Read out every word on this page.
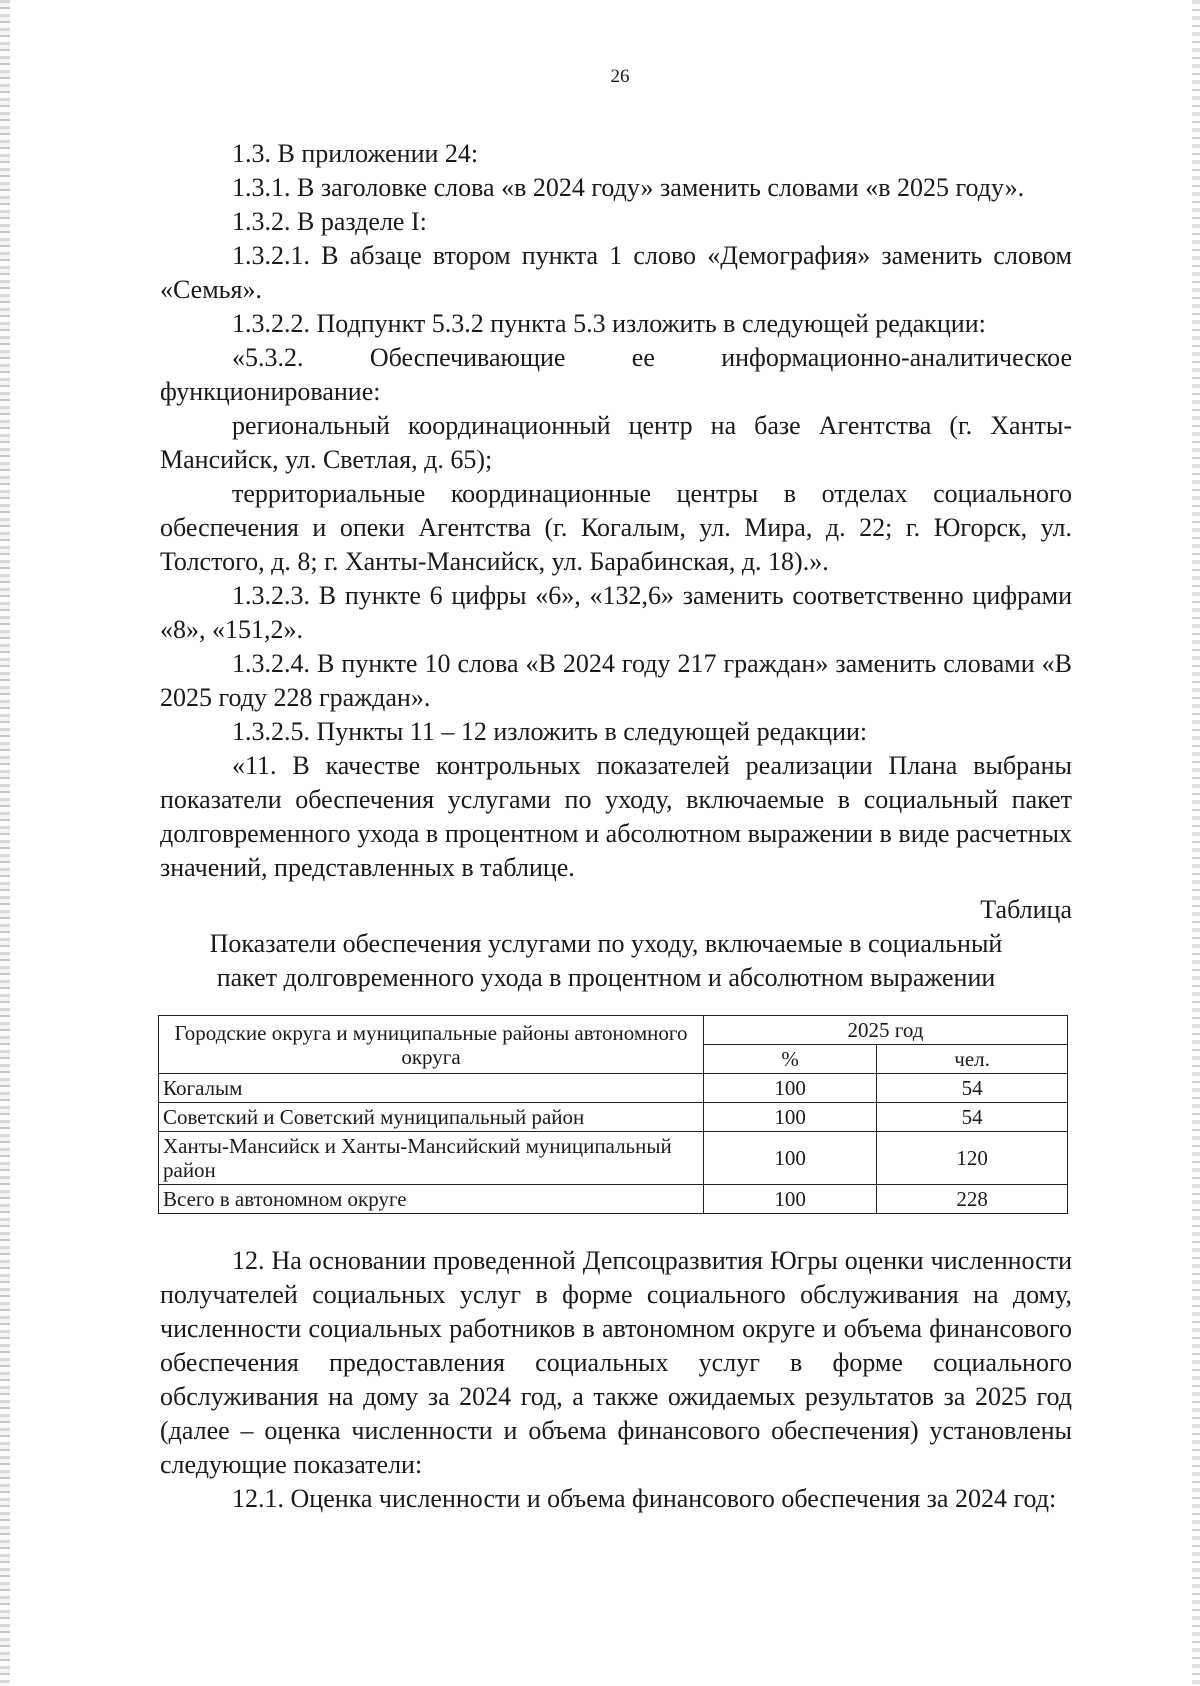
26

1.3. В приложении 24:

1.3.1. В заголовке слова «в 2024 году» заменить словами «в 2025 году».

1.3.2. В разделе I:

1.3.2.1. В абзаце втором пункта 1 слово «Демография» заменить словом «Семья».

1.3.2.2. Подпункт 5.3.2 пункта 5.3 изложить в следующей редакции:

«5.3.2. Обеспечивающие ее информационно-аналитическое функционирование:

региональный координационный центр на базе Агентства (г. Ханты-Мансийск, ул. Светлая, д. 65);

территориальные координационные центры в отделах социального обеспечения и опеки Агентства (г. Когалым, ул. Мира, д. 22; г. Югорск, ул. Толстого, д. 8; г. Ханты-Мансийск, ул. Барабинская, д. 18).».

1.3.2.3. В пункте 6 цифры «6», «132,6» заменить соответственно цифрами «8», «151,2».

1.3.2.4. В пункте 10 слова «В 2024 году 217 граждан» заменить словами «В 2025 году 228 граждан».

1.3.2.5. Пункты 11 – 12 изложить в следующей редакции:

«11. В качестве контрольных показателей реализации Плана выбраны показатели обеспечения услугами по уходу, включаемые в социальный пакет долговременного ухода в процентном и абсолютном выражении в виде расчетных значений, представленных в таблице.

Таблица

Показатели обеспечения услугами по уходу, включаемые в социальный

пакет долговременного ухода в процентном и абсолютном выражении

Городские округа и муниципальные районы автономного округа	2025 год	
	%	чел.
Когалым	100	54
Советский и Советский муниципальный район	100	54
Ханты-Мансийск и Ханты-Мансийский муниципальный район	100	120
Всего в автономном округе	100	228

12. На основании проведенной Депсоцразвития Югры оценки численности получателей социальных услуг в форме социального обслуживания на дому, численности социальных работников в автономном округе и объема финансового обеспечения предоставления социальных услуг в форме социального обслуживания на дому за 2024 год, а также ожидаемых результатов за 2025 год (далее – оценка численности и объема финансового обеспечения) установлены следующие показатели:

12.1. Оценка численности и объема финансового обеспечения за 2024 год:
